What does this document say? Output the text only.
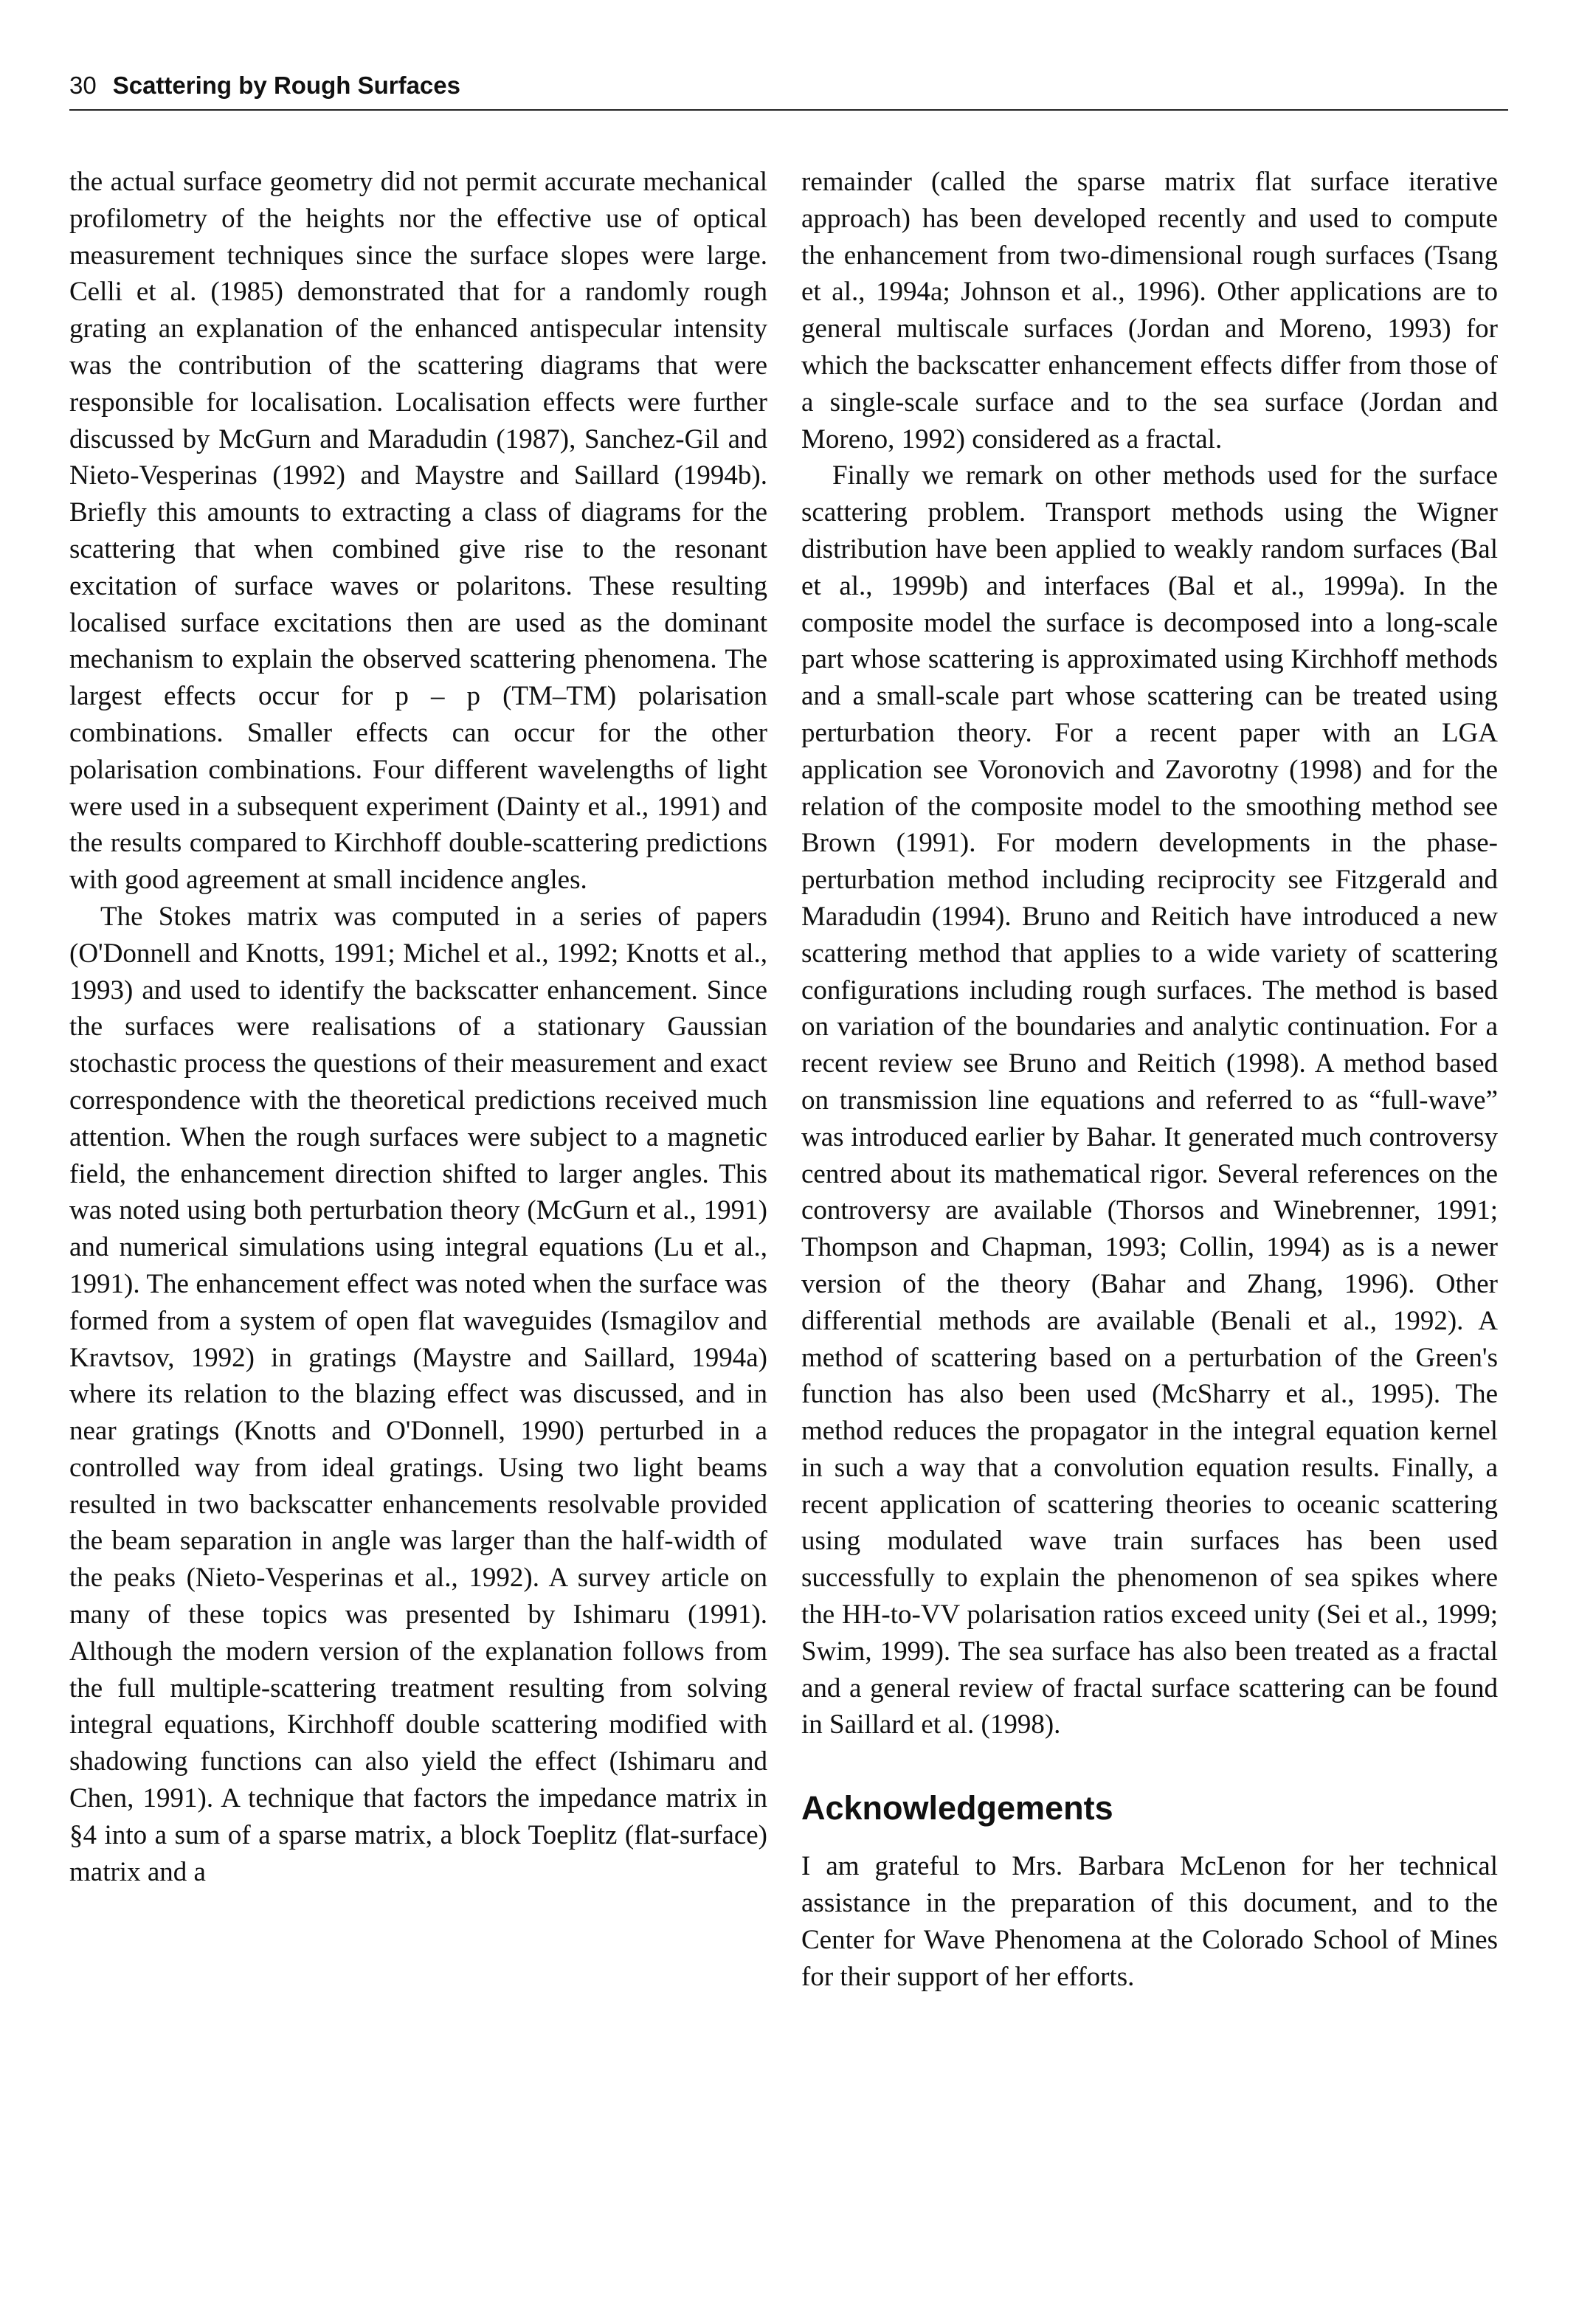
30 Scattering by Rough Surfaces

the actual surface geometry did not permit accurate mechanical profilometry of the heights nor the effective use of optical measurement techniques since the surface slopes were large. Celli et al. (1985) demonstrated that for a randomly rough grating an explanation of the enhanced antispecular intensity was the contribution of the scattering diagrams that were responsible for localisation. Localisation effects were further discussed by McGurn and Maradudin (1987), Sanchez-Gil and Nieto-Vesperinas (1992) and Maystre and Saillard (1994b). Briefly this amounts to extracting a class of diagrams for the scattering that when combined give rise to the resonant excitation of surface waves or polaritons. These resulting localised surface excitations then are used as the dominant mechanism to explain the observed scattering phenomena. The largest effects occur for p – p (TM–TM) polarisation combinations. Smaller effects can occur for the other polarisation combinations. Four different wavelengths of light were used in a subsequent experiment (Dainty et al., 1991) and the results compared to Kirchhoff double-scattering predictions with good agreement at small incidence angles.

The Stokes matrix was computed in a series of papers (O'Donnell and Knotts, 1991; Michel et al., 1992; Knotts et al., 1993) and used to identify the backscatter enhancement. Since the surfaces were realisations of a stationary Gaussian stochastic process the questions of their measurement and exact correspondence with the theoretical predictions received much attention. When the rough surfaces were subject to a magnetic field, the enhancement direction shifted to larger angles. This was noted using both perturbation theory (McGurn et al., 1991) and numerical simulations using integral equations (Lu et al., 1991). The enhancement effect was noted when the surface was formed from a system of open flat waveguides (Ismagilov and Kravtsov, 1992) in gratings (Maystre and Saillard, 1994a) where its relation to the blazing effect was discussed, and in near gratings (Knotts and O'Donnell, 1990) perturbed in a controlled way from ideal gratings. Using two light beams resulted in two backscatter enhancements resolvable provided the beam separation in angle was larger than the half-width of the peaks (Nieto-Vesperinas et al., 1992). A survey article on many of these topics was presented by Ishimaru (1991). Although the modern version of the explanation follows from the full multiple-scattering treatment resulting from solving integral equations, Kirchhoff double scattering modified with shadowing functions can also yield the effect (Ishimaru and Chen, 1991). A technique that factors the impedance matrix in §4 into a sum of a sparse matrix, a block Toeplitz (flat-surface) matrix and a

remainder (called the sparse matrix flat surface iterative approach) has been developed recently and used to compute the enhancement from two-dimensional rough surfaces (Tsang et al., 1994a; Johnson et al., 1996). Other applications are to general multiscale surfaces (Jordan and Moreno, 1993) for which the backscatter enhancement effects differ from those of a single-scale surface and to the sea surface (Jordan and Moreno, 1992) considered as a fractal.

Finally we remark on other methods used for the surface scattering problem. Transport methods using the Wigner distribution have been applied to weakly random surfaces (Bal et al., 1999b) and interfaces (Bal et al., 1999a). In the composite model the surface is decomposed into a long-scale part whose scattering is approximated using Kirchhoff methods and a small-scale part whose scattering can be treated using perturbation theory. For a recent paper with an LGA application see Voronovich and Zavorotny (1998) and for the relation of the composite model to the smoothing method see Brown (1991). For modern developments in the phase-perturbation method including reciprocity see Fitzgerald and Maradudin (1994). Bruno and Reitich have introduced a new scattering method that applies to a wide variety of scattering configurations including rough surfaces. The method is based on variation of the boundaries and analytic continuation. For a recent review see Bruno and Reitich (1998). A method based on transmission line equations and referred to as “full-wave” was introduced earlier by Bahar. It generated much controversy centred about its mathematical rigor. Several references on the controversy are available (Thorsos and Winebrenner, 1991; Thompson and Chapman, 1993; Collin, 1994) as is a newer version of the theory (Bahar and Zhang, 1996). Other differential methods are available (Benali et al., 1992). A method of scattering based on a perturbation of the Green's function has also been used (McSharry et al., 1995). The method reduces the propagator in the integral equation kernel in such a way that a convolution equation results. Finally, a recent application of scattering theories to oceanic scattering using modulated wave train surfaces has been used successfully to explain the phenomenon of sea spikes where the HH-to-VV polarisation ratios exceed unity (Sei et al., 1999; Swim, 1999). The sea surface has also been treated as a fractal and a general review of fractal surface scattering can be found in Saillard et al. (1998).

Acknowledgements

I am grateful to Mrs. Barbara McLenon for her technical assistance in the preparation of this document, and to the Center for Wave Phenomena at the Colorado School of Mines for their support of her efforts.
